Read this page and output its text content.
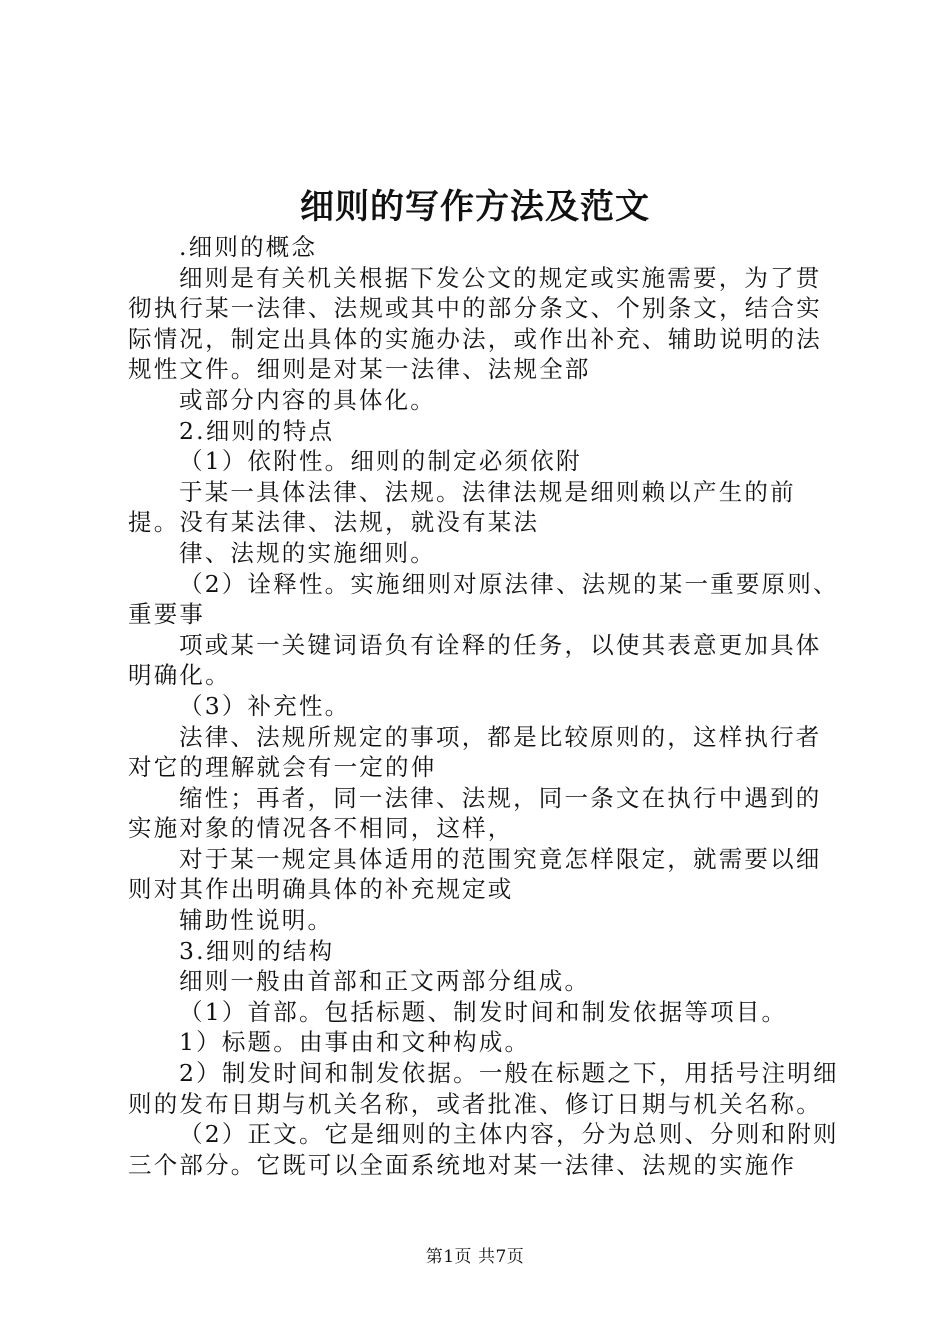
细则的写作方法及范文

.细则的概念

细则是有关机关根据下发公文的规定或实施需要，为了贯彻执行某一法律、法规或其中的部分条文、个别条文，结合实际情况，制定出具体的实施办法，或作出补充、辅助说明的法规性文件。细则是对某一法律、法规全部

或部分内容的具体化。

2.细则的特点

（1）依附性。细则的制定必须依附

于某一具体法律、法规。法律法规是细则赖以产生的前提。没有某法律、法规，就没有某法

律、法规的实施细则。

（2）诠释性。实施细则对原法律、法规的某一重要原则、重要事

项或某一关键词语负有诠释的任务，以使其表意更加具体明确化。

（3）补充性。

法律、法规所规定的事项，都是比较原则的，这样执行者对它的理解就会有一定的伸

缩性；再者，同一法律、法规，同一条文在执行中遇到的实施对象的情况各不相同，这样，

对于某一规定具体适用的范围究竟怎样限定，就需要以细则对其作出明确具体的补充规定或

辅助性说明。

3.细则的结构

细则一般由首部和正文两部分组成。

（1）首部。包括标题、制发时间和制发依据等项目。

1）标题。由事由和文种构成。

2）制发时间和制发依据。一般在标题之下，用括号注明细则的发布日期与机关名称，或者批准、修订日期与机关名称。

（2）正文。它是细则的主体内容，分为总则、分则和附则三个部分。它既可以全面系统地对某一法律、法规的实施作

第1页 共7页
